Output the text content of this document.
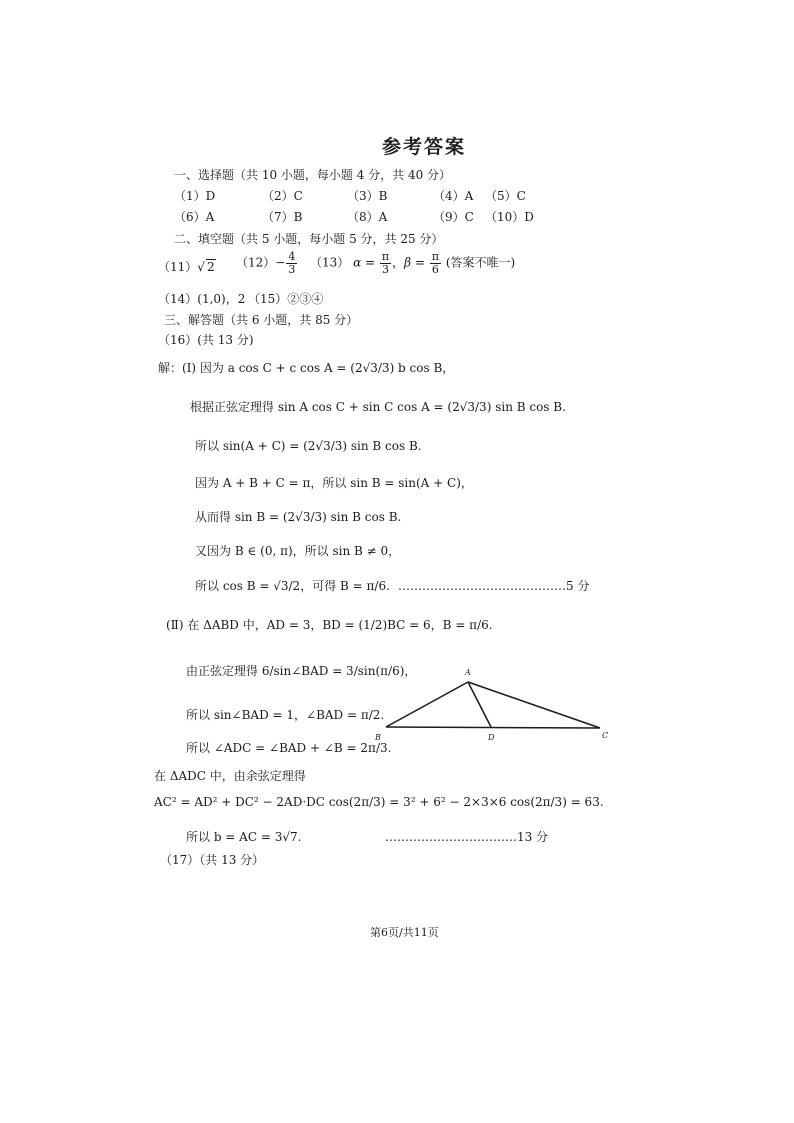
参考答案
一、选择题（共 10 小题，每小题 4 分，共 40 分）
（1）D	（2）C	（3）B	（4）A （5）C
（6）A	（7）B	（8）A	（9）C （10）D
二、填空题（共 5 小题，每小题 5 分，共 25 分）
（11）√ 2 $(12)- \frac{4}{3} (13) \alpha = \frac{\pi}{3}$ ，$\beta = \frac{\pi}{6}$ (答案不唯一)
（14）(1,0)，2 （15）②③④
三、解答题（共 6 小题，共 85 分）
（16）(共 13 分)
解：(Ⅰ) 因为 a cos C + c cos A = (2√3/3) b cos B，
根据正弦定理得 sin A cos C + sin C cos A = (2√3/3) sin B cos B.
所以 sin(A + C) = (2√3/3) sin B cos B.
因为 A + B + C = π，所以 sin B = sin(A + C)，
从而得 sin B = (2√3/3) sin B cos B.
又因为 B ∈ (0, π)，所以 sin B ≠ 0，
所以 cos B = √3/2，可得 B = π/6. ……………………………………5 分
(Ⅱ) 在 ΔABD 中，AD = 3，BD = (1/2)BC = 6，B = π/6.
由正弦定理得 6/sin∠BAD = 3/sin(π/6)，
所以 sin∠BAD = 1，∠BAD = π/2.
所以 ∠ADC = ∠BAD + ∠B = 2π/3.
在 ΔADC 中，由余弦定理得
AC² = AD² + DC² − 2AD·DC cos(2π/3) = 3² + 6² − 2×3×6 cos(2π/3) = 63.
所以 b = AC = 3√7.	……………………………13 分
（17）（共 13 分）
A
B	D	C
第6页/共11页
